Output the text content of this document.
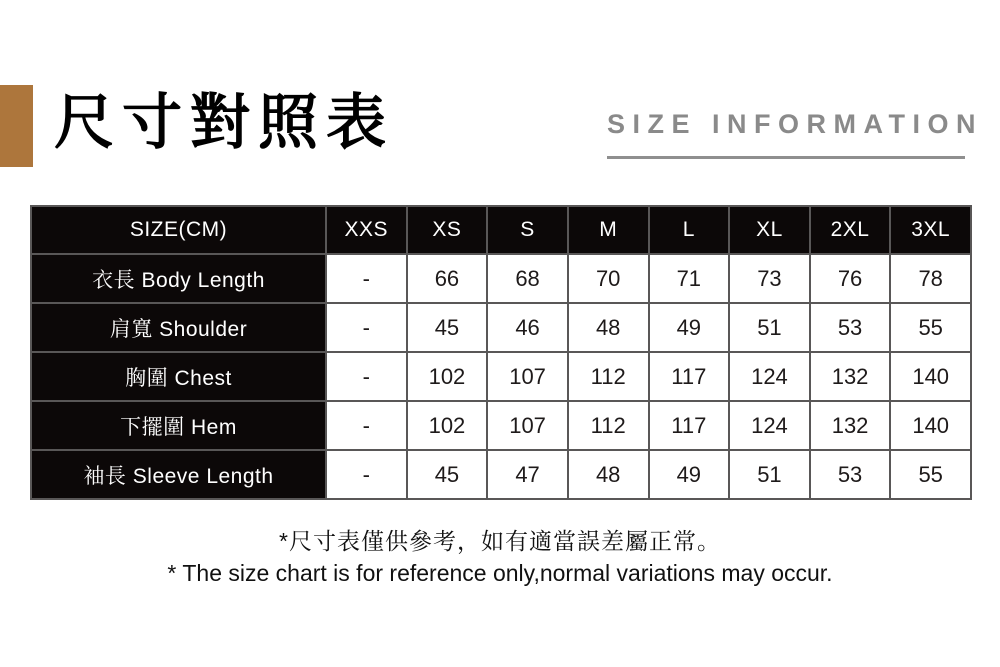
尺寸對照表	SIZE INFORMATION
SIZE(CM)	XXS	XS	S	M	L	XL	2XL	3XL
衣長 Body Length	-	66	68	70	71	73	76	78
肩寬 Shoulder	-	45	46	48	49	51	53	55
胸圍 Chest	-	102	107	112	117	124	132	140
下擺圍 Hem	-	102	107	112	117	124	132	140
袖長 Sleeve Length	-	45	47	48	49	51	53	55
*尺寸表僅供參考，如有適當誤差屬正常。
* The size chart is for reference only,normal variations may occur.
